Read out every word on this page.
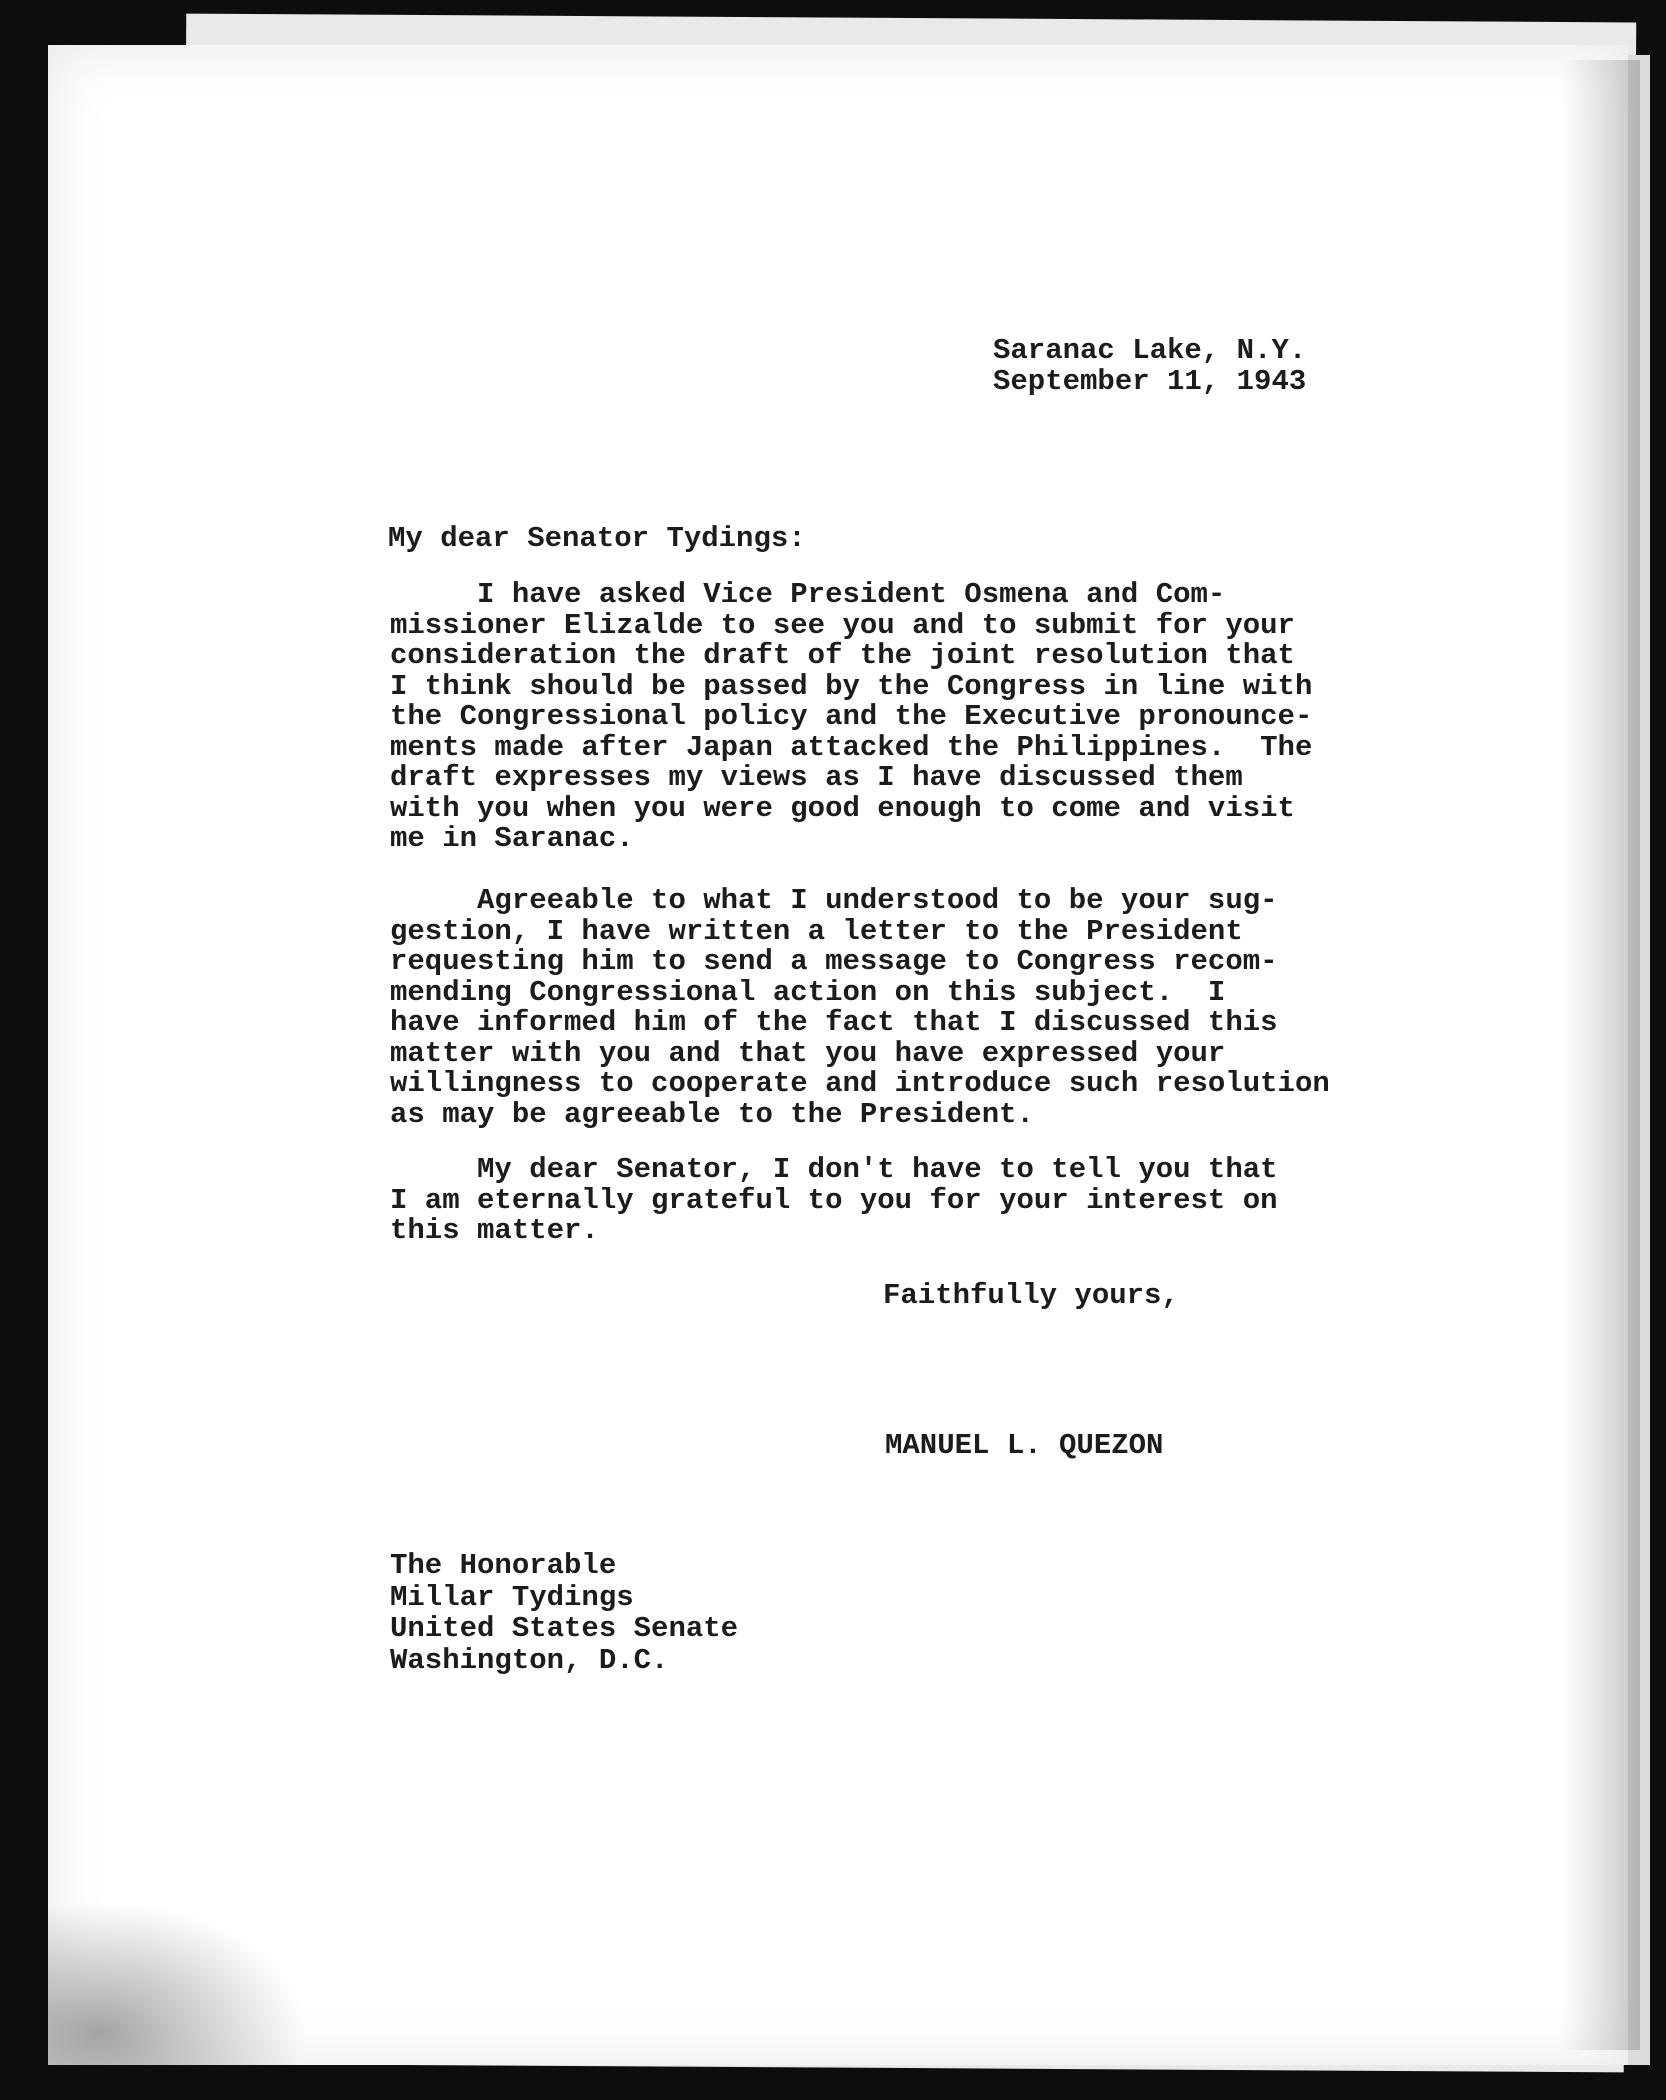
Saranac Lake, N.Y.
September 11, 1943
My dear Senator Tydings:
I have asked Vice President Osmena and Com-
missioner Elizalde to see you and to submit for your
consideration the draft of the joint resolution that
I think should be passed by the Congress in line with
the Congressional policy and the Executive pronounce-
ments made after Japan attacked the Philippines.  The
draft expresses my views as I have discussed them
with you when you were good enough to come and visit
me in Saranac.
Agreeable to what I understood to be your sug-
gestion, I have written a letter to the President
requesting him to send a message to Congress recom-
mending Congressional action on this subject.  I
have informed him of the fact that I discussed this
matter with you and that you have expressed your
willingness to cooperate and introduce such resolution
as may be agreeable to the President.
My dear Senator, I don't have to tell you that
I am eternally grateful to you for your interest on
this matter.
Faithfully yours,
MANUEL L. QUEZON
The Honorable
Millar Tydings
United States Senate
Washington, D.C.
